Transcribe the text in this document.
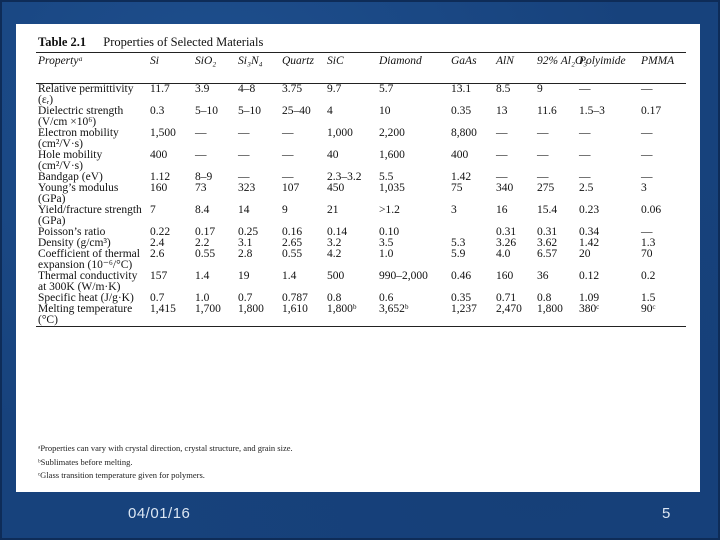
Table 2.1 Properties of Selected Materials
Propertyᵃ	Si	SiO₂	Si₃N₄	Quartz	SiC	Diamond	GaAs	AlN	92% Al₂O₃	Polyimide	PMMA
Relative permittivity (εᵣ)	11.7	3.9	4–8	3.75	9.7	5.7	13.1	8.5	9	—	—
Dielectric strength (V/cm ×10⁶)	0.3	5–10	5–10	25–40	4	10	0.35	13	11.6	1.5–3	0.17
Electron mobility (cm²/V·s)	1,500	—	—	—	1,000	2,200	8,800	—	—	—	—
Hole mobility (cm²/V·s)	400	—	—	—	40	1,600	400	—	—	—	—
Bandgap (eV)	1.12	8–9	—	—	2.3–3.2	5.5	1.42	—	—	—	—
Young’s modulus (GPa)	160	73	323	107	450	1,035	75	340	275	2.5	3
Yield/fracture strength (GPa)	7	8.4	14	9	21	>1.2	3	16	15.4	0.23	0.06
Poisson’s ratio	0.22	0.17	0.25	0.16	0.14	0.10		0.31	0.31	0.34	—
Density (g/cm³)	2.4	2.2	3.1	2.65	3.2	3.5	5.3	3.26	3.62	1.42	1.3
Coefficient of thermal expansion (10⁻⁶/°C)	2.6	0.55	2.8	0.55	4.2	1.0	5.9	4.0	6.57	20	70
Thermal conductivity at 300K (W/m·K)	157	1.4	19	1.4	500	990–2,000	0.46	160	36	0.12	0.2
Specific heat (J/g·K)	0.7	1.0	0.7	0.787	0.8	0.6	0.35	0.71	0.8	1.09	1.5
Melting temperature (°C)	1,415	1,700	1,800	1,610	1,800ᵇ	3,652ᵇ	1,237	2,470	1,800	380ᶜ	90ᶜ
ᵃProperties can vary with crystal direction, crystal structure, and grain size.
ᵇSublimates before melting.
ᶜGlass transition temperature given for polymers.
04/01/16	5
